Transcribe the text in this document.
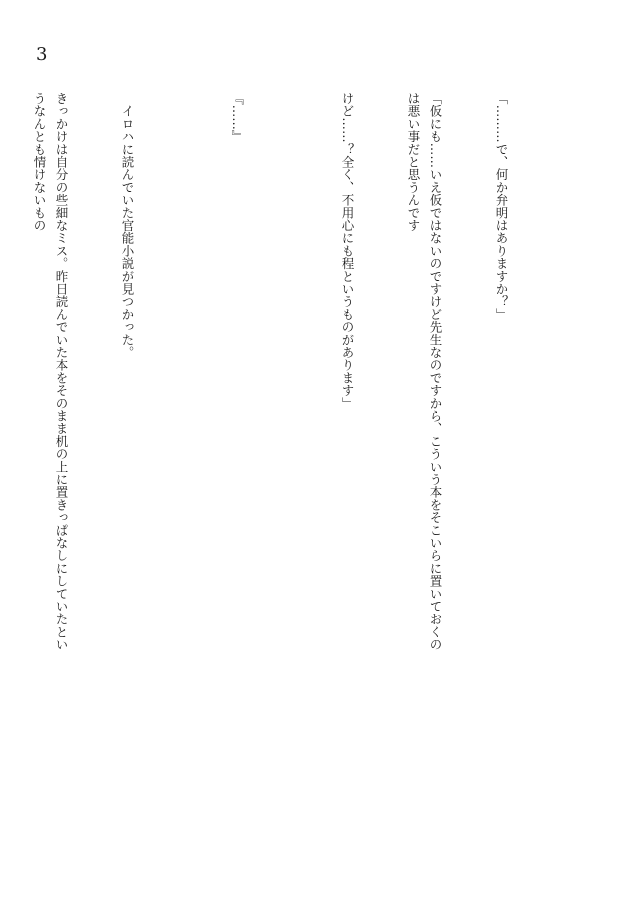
3

「………で、何か弁明はありますか？」

「仮にも……いえ仮ではないのですけど先生なのですから、こういう本をそこいらに置いておくのは悪い事だと思うんです

けど……？全く、不用心にも程というものがあります」

『……』

　イロハに読んでいた官能小説が見つかった。

きっかけは自分の些細なミス。昨日読んでいた本をそのまま机の上に置きっぱなしにしていたというなんとも情けないもの
